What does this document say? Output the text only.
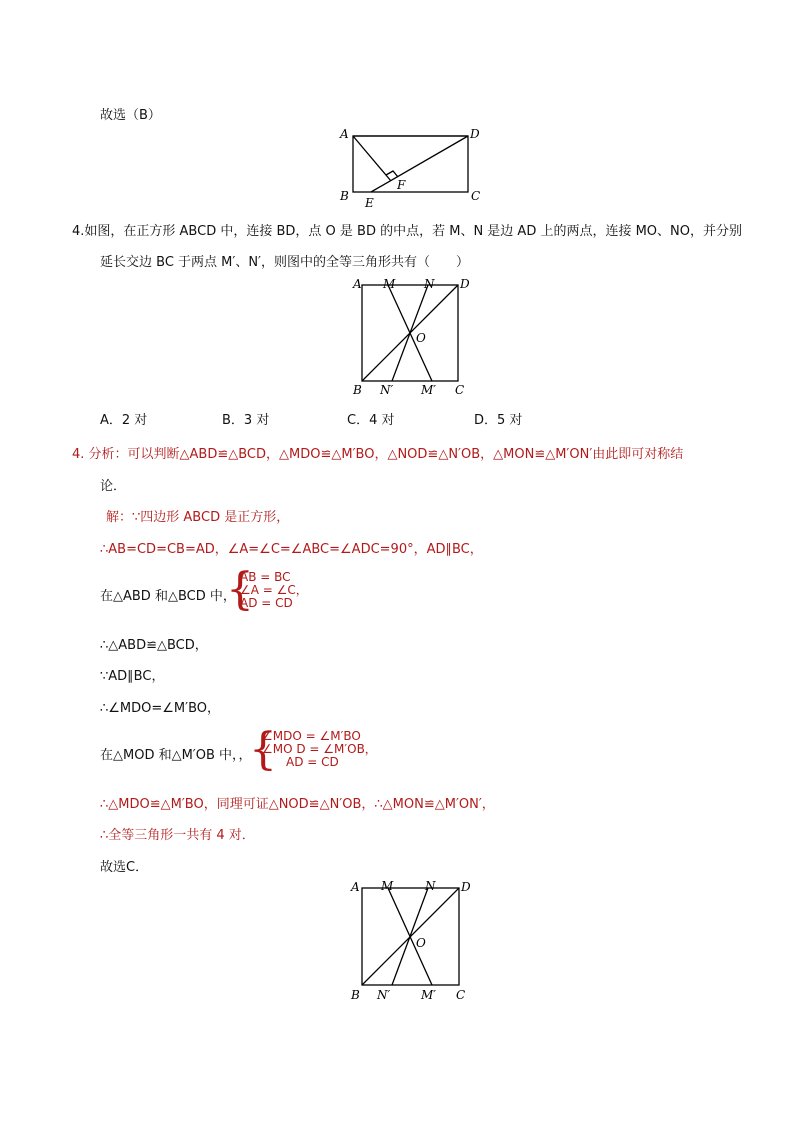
故选（B）
A	D
B	C
E
F
4.如图，在正方形 ABCD 中，连接 BD，点 O 是 BD 的中点，若 M、N 是边 AD 上的两点，连接 MO、NO，并分别
延长交边 BC 于两点 M′、N′，则图中的全等三角形共有（　　）
A M N D
O
B N′ M′ C
A．2 对	B．3 对	C．4 对	D．5 对
4. 分析：可以判断△ABD≌△BCD，△MDO≌△M′BO，△NOD≌△N′OB，△MON≌△M′ON′由此即可对称结
论．
解：∵四边形 ABCD 是正方形，
∴AB=CD=CB=AD，∠A=∠C=∠ABC=∠ADC=90°，AD∥BC，
在△ABD 和△BCD 中，
{
AB = BC
∠A = ∠C，
AD = CD
∴△ABD≌△BCD，
∵AD∥BC，
∴∠MDO=∠M′BO，
在△MOD 和△M′OB 中，，
{
∠MDO = ∠M′BO
∠MO D = ∠M′OB，
AD = CD
∴△MDO≌△M′BO，同理可证△NOD≌△N′OB，∴△MON≌△M′ON′，
∴全等三角形一共有 4 对．
故选C．
A M	N D
O
B N′	M′ C
